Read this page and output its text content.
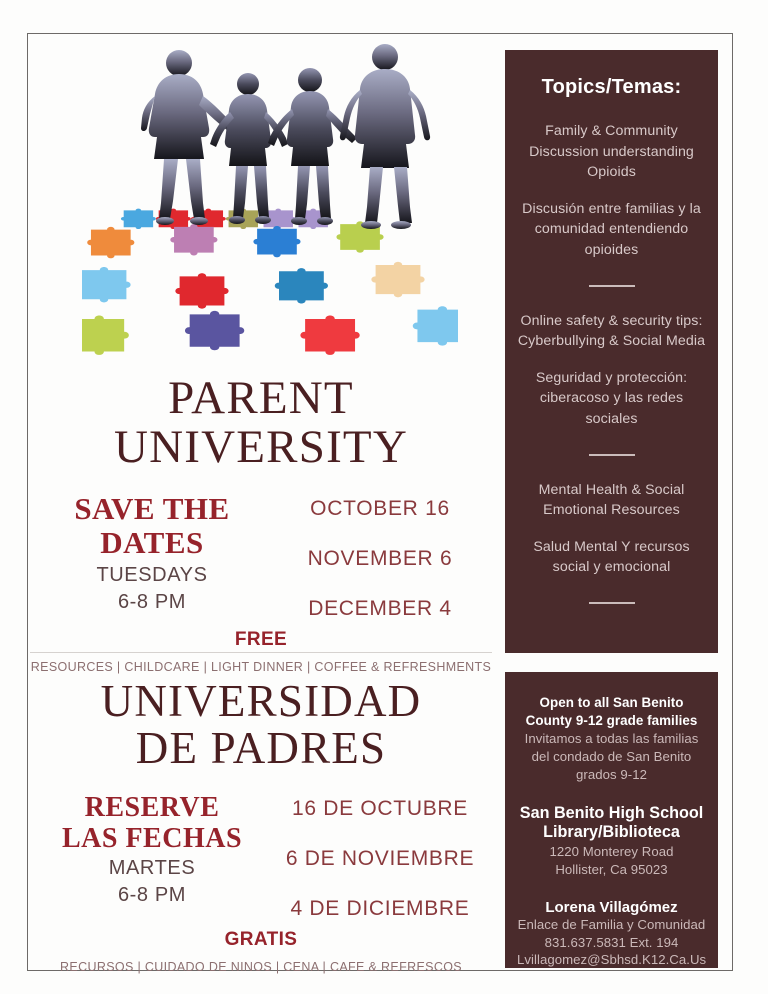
PARENT
UNIVERSITY
SAVE THE
DATES
TUESDAYS
6-8 PM
OCTOBER 16
NOVEMBER 6
DECEMBER 4
FREE
RESOURCES | CHILDCARE | LIGHT DINNER | COFFEE & REFRESHMENTS
UNIVERSIDAD
DE PADRES
RESERVE
LAS FECHAS
MARTES
6-8 PM
16 DE OCTUBRE
6 DE NOVIEMBRE
4 DE DICIEMBRE
GRATIS
RECURSOS | CUIDADO DE NINOS | CENA | CAFE & REFRESCOS
Topics/Temas:

Family & Community Discussion understanding Opioids

Discusión entre familias y la comunidad entendiendo opioides

Online safety & security tips: Cyberbullying & Social Media

Seguridad y protección: ciberacoso y las redes sociales

Mental Health & Social Emotional Resources

Salud Mental Y recursos social y emocional

Open to all San Benito County 9-12 grade families

Invitamos a todas las familias del condado de San Benito grados 9-12

San Benito High School Library/Biblioteca

1220 Monterey Road

Hollister, Ca 95023

Lorena Villagómez

Enlace de Familia y Comunidad

831.637.5831 Ext. 194

Lvillagomez@Sbhsd.K12.Ca.Us
